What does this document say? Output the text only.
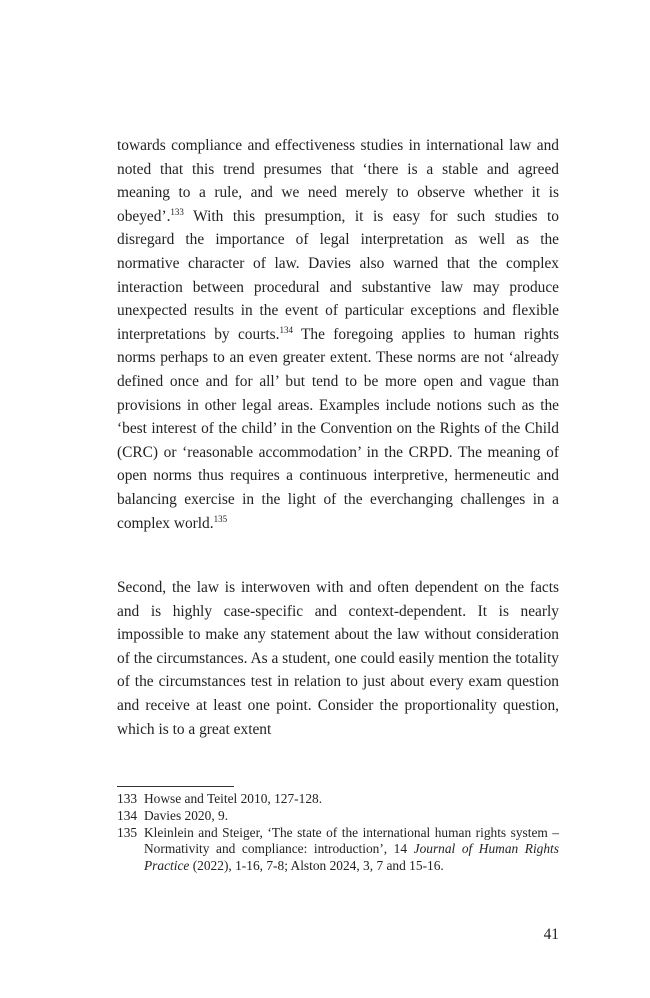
towards compliance and effectiveness studies in international law and noted that this trend presumes that ‘there is a stable and agreed meaning to a rule, and we need merely to observe whether it is obeyed’.$^{133}$ With this presumption, it is easy for such studies to disregard the importance of legal interpretation as well as the normative character of law. Davies also warned that the complex interaction between procedural and substantive law may produce unexpected results in the event of particular exceptions and flexible interpretations by courts.$^{134}$ The foregoing applies to human rights norms perhaps to an even greater extent. These norms are not ‘already defined once and for all’ but tend to be more open and vague than provisions in other legal areas. Examples include notions such as the ‘best interest of the child’ in the Convention on the Rights of the Child (CRC) or ‘reasonable accommodation’ in the CRPD. The meaning of open norms thus requires a continuous interpretive, hermeneutic and balancing exercise in the light of the everchanging challenges in a complex world.$^{135}$

Second, the law is interwoven with and often dependent on the facts and is highly case-specific and context-dependent. It is nearly impossible to make any statement about the law without consideration of the circumstances. As a student, one could easily mention the totality of the circumstances test in relation to just about every exam question and receive at least one point. Consider the proportionality question, which is to a great extent

133 Howse and Teitel 2010, 127-128.
134 Davies 2020, 9.
135 Kleinlein and Steiger, ‘The state of the international human rights system – Normativity and compliance: introduction’, 14 Journal of Human Rights Practice (2022), 1-16, 7-8; Alston 2024, 3, 7 and 15-16.
41
